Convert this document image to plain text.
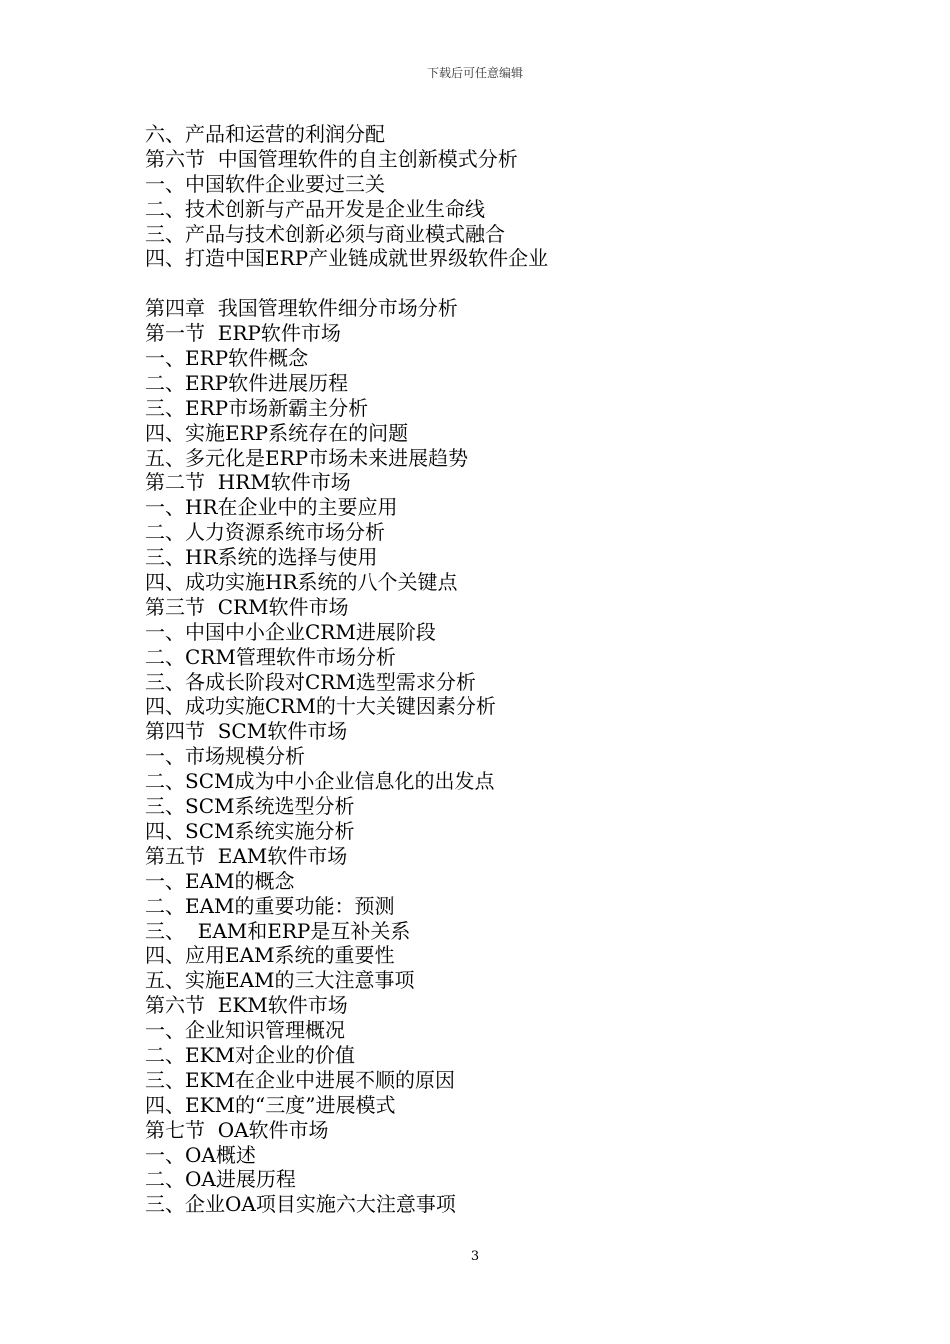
下载后可任意编辑
六、产品和运营的利润分配
第六节  中国管理软件的自主创新模式分析
一、中国软件企业要过三关
二、技术创新与产品开发是企业生命线
三、产品与技术创新必须与商业模式融合
四、打造中国ERP产业链成就世界级软件企业
第四章  我国管理软件细分市场分析
第一节  ERP软件市场
一、ERP软件概念
二、ERP软件进展历程
三、ERP市场新霸主分析
四、实施ERP系统存在的问题
五、多元化是ERP市场未来进展趋势
第二节  HRM软件市场
一、HR在企业中的主要应用
二、人力资源系统市场分析
三、HR系统的选择与使用
四、成功实施HR系统的八个关键点
第三节  CRM软件市场
一、中国中小企业CRM进展阶段
二、CRM管理软件市场分析
三、各成长阶段对CRM选型需求分析
四、成功实施CRM的十大关键因素分析
第四节  SCM软件市场
一、市场规模分析
二、SCM成为中小企业信息化的出发点
三、SCM系统选型分析
四、SCM系统实施分析
第五节  EAM软件市场
一、EAM的概念
二、EAM的重要功能：预测
三、  EAM和ERP是互补关系
四、应用EAM系统的重要性
五、实施EAM的三大注意事项
第六节  EKM软件市场
一、企业知识管理概况
二、EKM对企业的价值
三、EKM在企业中进展不顺的原因
四、EKM的“三度”进展模式
第七节  OA软件市场
一、OA概述
二、OA进展历程
三、企业OA项目实施六大注意事项
3
